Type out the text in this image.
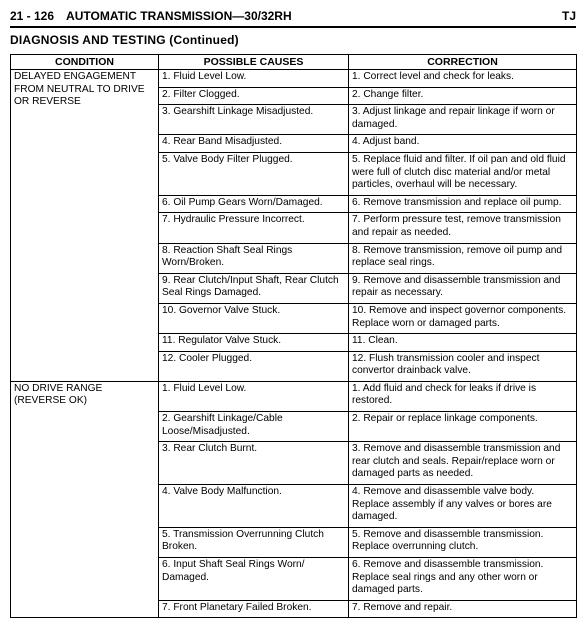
21 - 126 AUTOMATIC TRANSMISSION—30/32RH	TJ
DIAGNOSIS AND TESTING (Continued)
CONDITION	POSSIBLE CAUSES	CORRECTION
DELAYED ENGAGEMENT FROM NEUTRAL TO DRIVE OR REVERSE	1. Fluid Level Low.	1. Correct level and check for leaks.
	2. Filter Clogged.	2. Change filter.
	3. Gearshift Linkage Misadjusted.	3. Adjust linkage and repair linkage if worn or damaged.
	4. Rear Band Misadjusted.	4. Adjust band.
	5. Valve Body Filter Plugged.	5. Replace fluid and filter. If oil pan and old fluid were full of clutch disc material and/or metal particles, overhaul will be necessary.
	6. Oil Pump Gears Worn/Damaged.	6. Remove transmission and replace oil pump.
	7. Hydraulic Pressure Incorrect.	7. Perform pressure test, remove transmission and repair as needed.
	8. Reaction Shaft Seal Rings Worn/Broken.	8. Remove transmission, remove oil pump and replace seal rings.
	9. Rear Clutch/Input Shaft, Rear Clutch Seal Rings Damaged.	9. Remove and disassemble transmission and repair as necessary.
	10. Governor Valve Stuck.	10. Remove and inspect governor components. Replace worn or damaged parts.
	11. Regulator Valve Stuck.	11. Clean.
	12. Cooler Plugged.	12. Flush transmission cooler and inspect convertor drainback valve.
NO DRIVE RANGE (REVERSE OK)	1. Fluid Level Low.	1. Add fluid and check for leaks if drive is restored.
	2. Gearshift Linkage/Cable Loose/Misadjusted.	2. Repair or replace linkage components.
	3. Rear Clutch Burnt.	3. Remove and disassemble transmission and rear clutch and seals. Repair/replace worn or damaged parts as needed.
	4. Valve Body Malfunction.	4. Remove and disassemble valve body. Replace assembly if any valves or bores are damaged.
	5. Transmission Overrunning Clutch Broken.	5. Remove and disassemble transmission. Replace overrunning clutch.
	6. Input Shaft Seal Rings Worn/ Damaged.	6. Remove and disassemble transmission. Replace seal rings and any other worn or damaged parts.
	7. Front Planetary Failed Broken.	7. Remove and repair.
